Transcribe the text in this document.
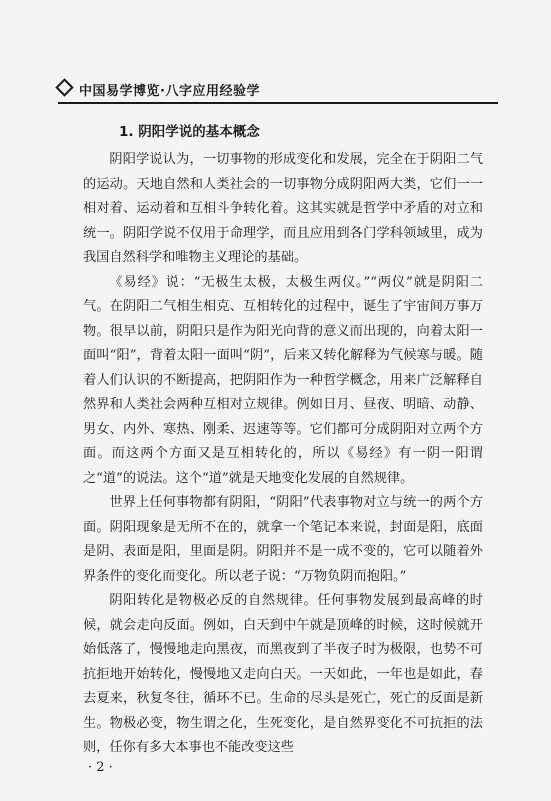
中国易学博览·八字应用经验学
1. 阴阳学说的基本概念

阴阳学说认为，一切事物的形成变化和发展，完全在于阴阳二气的运动。天地自然和人类社会的一切事物分成阴阳两大类，它们一一相对着、运动着和互相斗争转化着。这其实就是哲学中矛盾的对立和统一。阴阳学说不仅用于命理学，而且应用到各门学科领域里，成为我国自然科学和唯物主义理论的基础。

《易经》说：“无极生太极，太极生两仪。”“两仪”就是阴阳二气。在阴阳二气相生相克、互相转化的过程中，诞生了宇宙间万事万物。很早以前，阴阳只是作为阳光向背的意义而出现的，向着太阳一面叫“阳”，背着太阳一面叫“阴”，后来又转化解释为气候寒与暖。随着人们认识的不断提高，把阴阳作为一种哲学概念，用来广泛解释自然界和人类社会两种互相对立规律。例如日月、昼夜、明暗、动静、男女、内外、寒热、刚柔、迟速等等。它们都可分成阴阳对立两个方面。而这两个方面又是互相转化的，所以《易经》有一阴一阳谓之“道”的说法。这个“道”就是天地变化发展的自然规律。

世界上任何事物都有阴阳，“阴阳”代表事物对立与统一的两个方面。阴阳现象是无所不在的，就拿一个笔记本来说，封面是阳，底面是阴、表面是阳，里面是阴。阴阳并不是一成不变的，它可以随着外界条件的变化而变化。所以老子说：“万物负阴而抱阳。”

阴阳转化是物极必反的自然规律。任何事物发展到最高峰的时候，就会走向反面。例如，白天到中午就是顶峰的时候，这时候就开始低落了，慢慢地走向黑夜，而黑夜到了半夜子时为极限，也势不可抗拒地开始转化，慢慢地又走向白天。一天如此，一年也是如此，春去夏来，秋复冬往，循环不已。生命的尽头是死亡，死亡的反面是新生。物极必变，物生谓之化，生死变化，是自然界变化不可抗拒的法则，任你有多大本事也不能改变这些

· 2 ·
